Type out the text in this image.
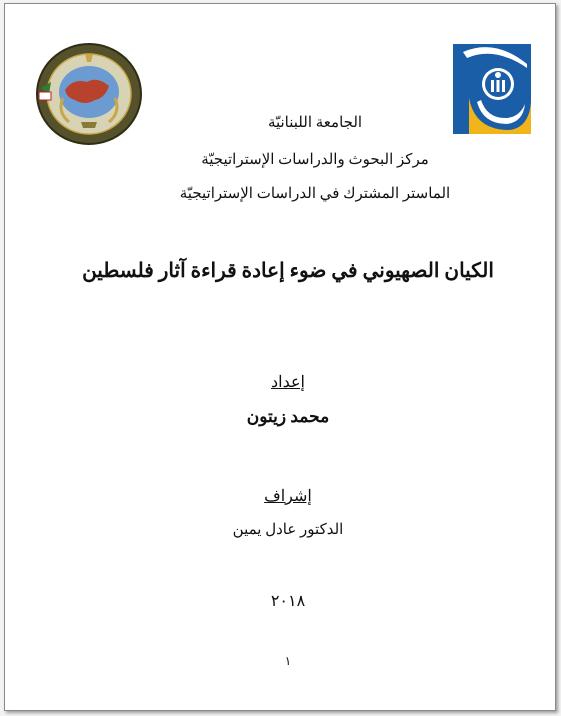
الجامعة اللبنانيّة
مركز البحوث والدراسات الإستراتيجيّة
الماستر المشترك في الدراسات الإستراتيجيّة
الكيان الصهيوني في ضوء إعادة قراءة آثار فلسطين
إعداد
محمد زيتون
إشراف
الدكتور عادل يمين
٢٠١٨
١
